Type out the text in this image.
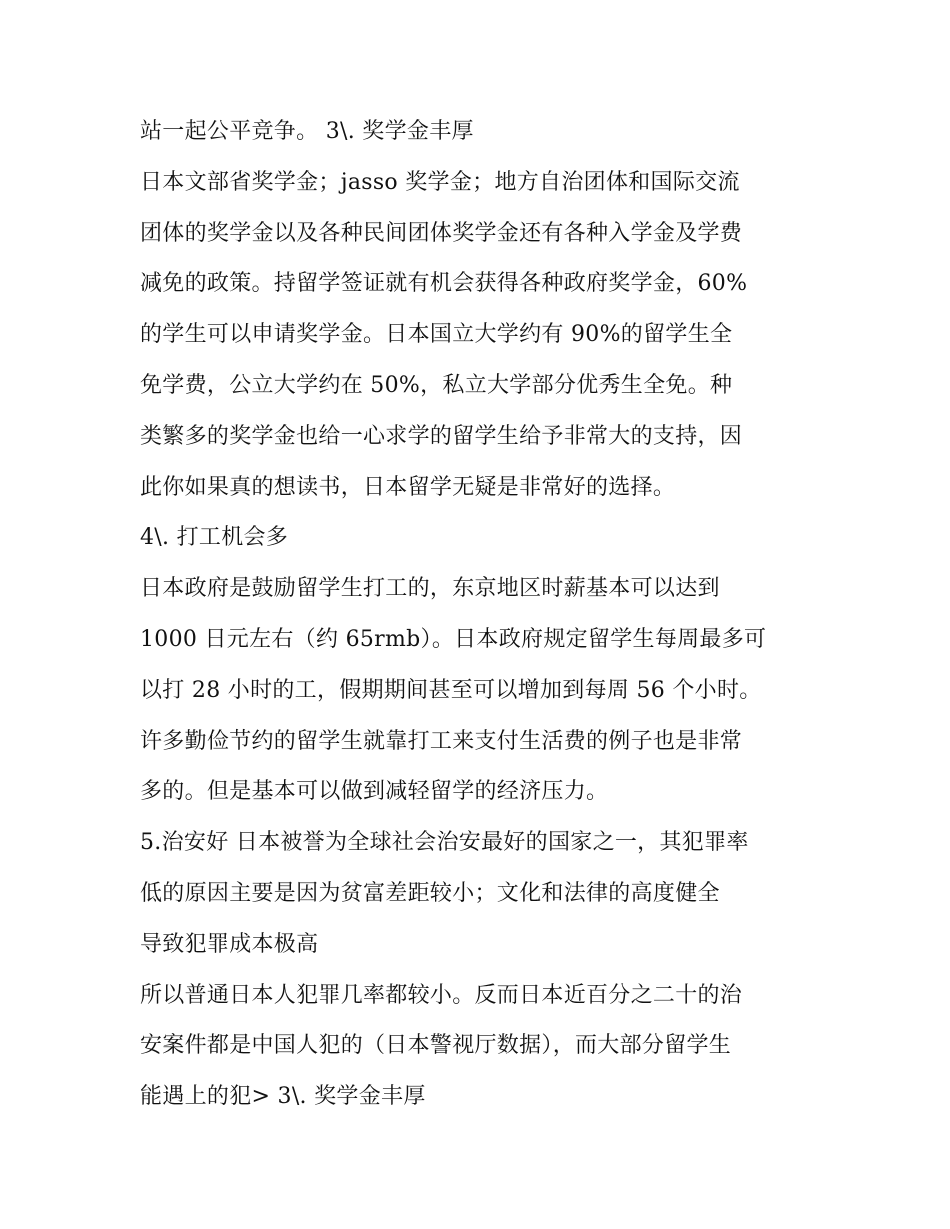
站一起公平竞争。 3\. 奖学金丰厚
日本文部省奖学金；jasso 奖学金；地方自治团体和国际交流
团体的奖学金以及各种民间团体奖学金还有各种入学金及学费
减免的政策。持留学签证就有机会获得各种政府奖学金，60%
的学生可以申请奖学金。日本国立大学约有 90%的留学生全
免学费，公立大学约在 50%，私立大学部分优秀生全免。种
类繁多的奖学金也给一心求学的留学生给予非常大的支持，因
此你如果真的想读书，日本留学无疑是非常好的选择。
4\. 打工机会多
日本政府是鼓励留学生打工的，东京地区时薪基本可以达到
1000 日元左右（约 65rmb）。日本政府规定留学生每周最多可
以打 28 小时的工，假期期间甚至可以增加到每周 56 个小时。
许多勤俭节约的留学生就靠打工来支付生活费的例子也是非常
多的。但是基本可以做到减轻留学的经济压力。
5.治安好 日本被誉为全球社会治安最好的国家之一，其犯罪率
低的原因主要是因为贫富差距较小；文化和法律的高度健全
导致犯罪成本极高
所以普通日本人犯罪几率都较小。反而日本近百分之二十的治
安案件都是中国人犯的（日本警视厅数据），而大部分留学生
能遇上的犯> 3\. 奖学金丰厚
